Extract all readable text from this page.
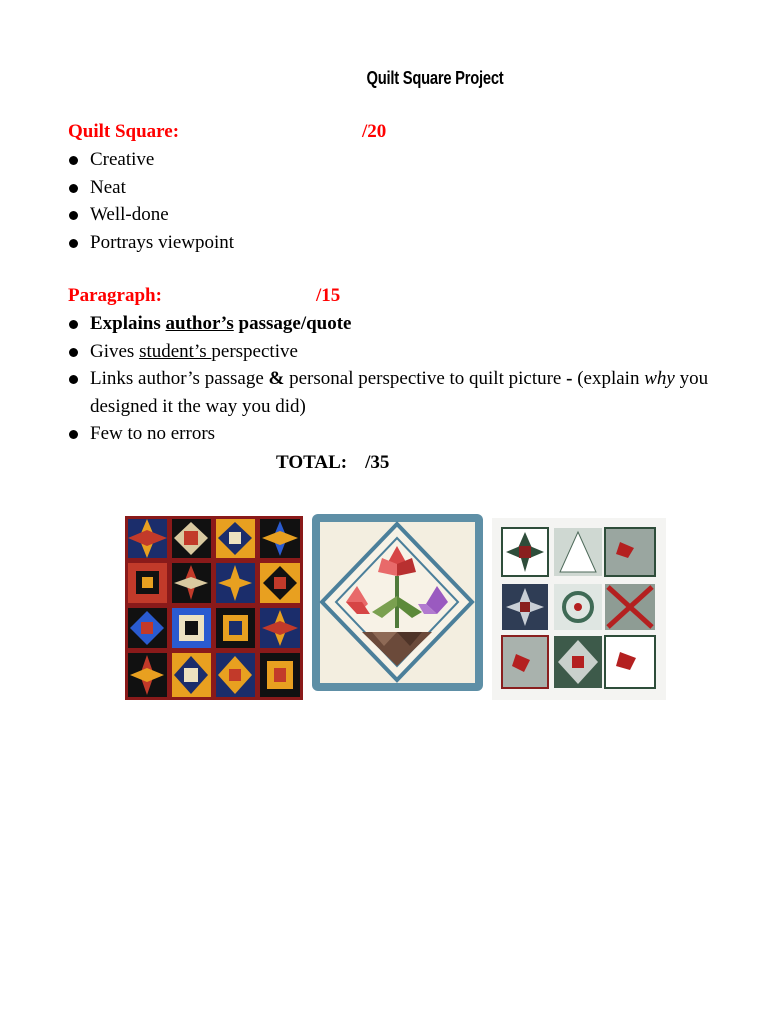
Quilt Square Project
Quilt Square:	/20
Creative
Neat
Well-done
Portrays viewpoint
Paragraph:	/15
Explains author’s passage/quote
Gives student’s perspective
Links author’s passage & personal perspective to quilt picture - (explain why you designed it the way you did)
Few to no errors
TOTAL: /35
